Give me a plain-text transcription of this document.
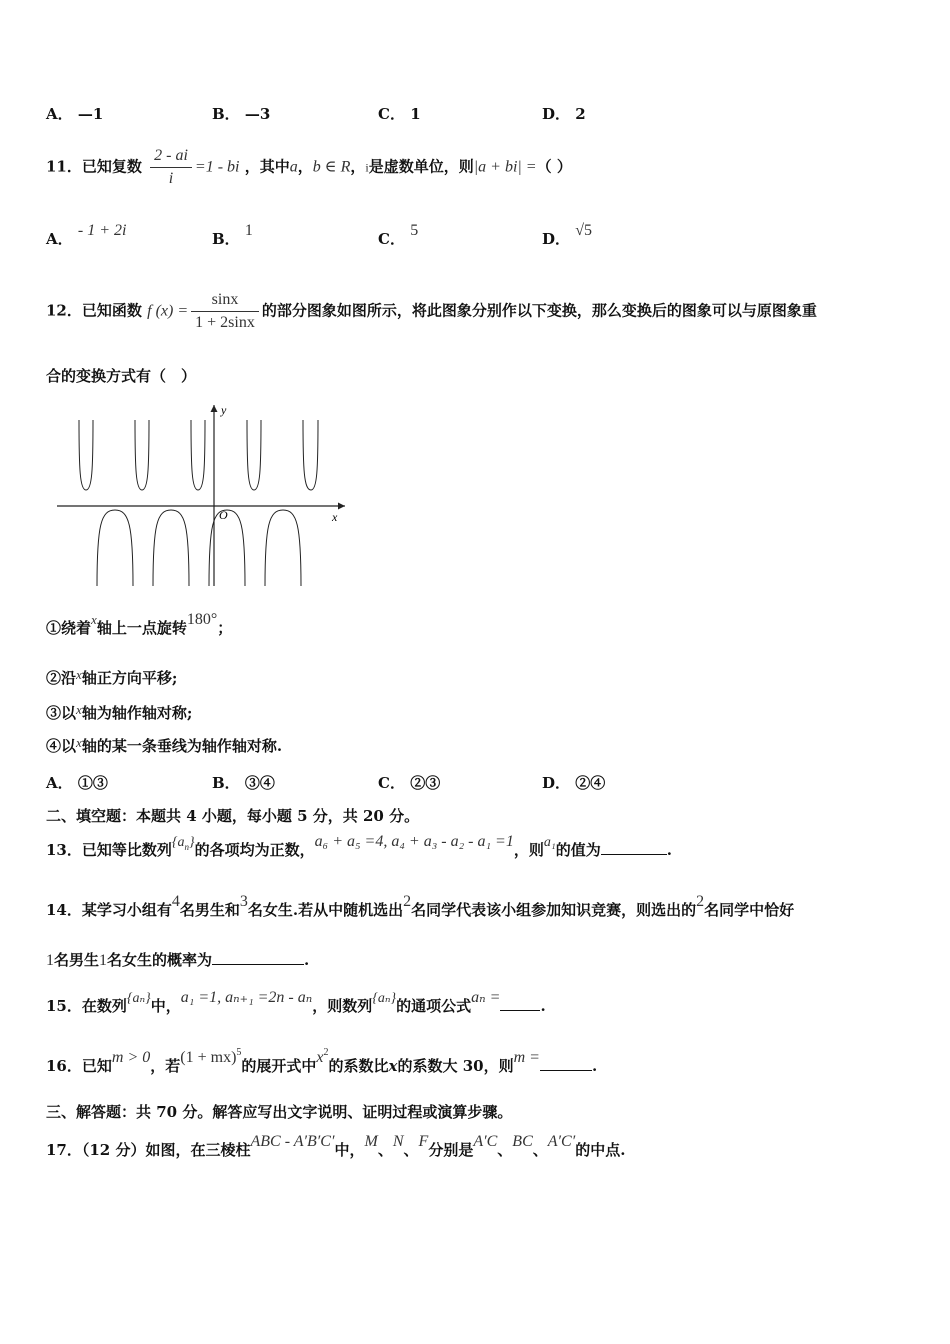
A． —1	B． —3	C． 1	D． 2
11．已知复数 $\frac{2 - ai}{i} =1$ - bi ，其中a，b ∈ R，i是虚数单位，则|a + bi| =（ ）
A． - 1 + 2i	B． 1	C． 5	D． √5
12．已知函数 f $(x) = \frac{\sin x}{1 + 2\sin x}$ 的部分图象如图所示，将此图象分别作以下变换，那么变换后的图象可以与原图象重
合的变换方式有（　）
y
x
O
①绕着x轴上一点旋转180°；
②沿x轴正方向平移;
③以x轴为轴作轴对称;
④以x轴的某一条垂线为轴作轴对称.
A． ①③	B． ③④	C． ②③	D． ②④
二、填空题：本题共 4 小题，每小题 5 分，共 20 分。
13．已知等比数列$\{a_n\}$的各项均为正数，a₆ + a₅ =4, a₄ + a₃ - a₂ - a₁ =1，则a₁的值为	.
14．某学习小组有4名男生和3名女生.若从中随机选出2名同学代表该小组参加知识竞赛，则选出的2名同学中恰好
1名男生1名女生的概率为	.
15．在数列{aₙ}中，a₁ =1, aₙ₊₁ =2n - aₙ，则数列{aₙ}的通项公式aₙ =	.
16．已知m > 0，若(1 + mx)$^5$的展开式中$x^2$的系数比x的系数大 30，则m =	.
三、解答题：共 70 分。解答应写出文字说明、证明过程或演算步骤。
17．（12 分）如图，在三棱柱ABC - A′B′C′中，M、N、F分别是A′C、BC、A′C′的中点.
